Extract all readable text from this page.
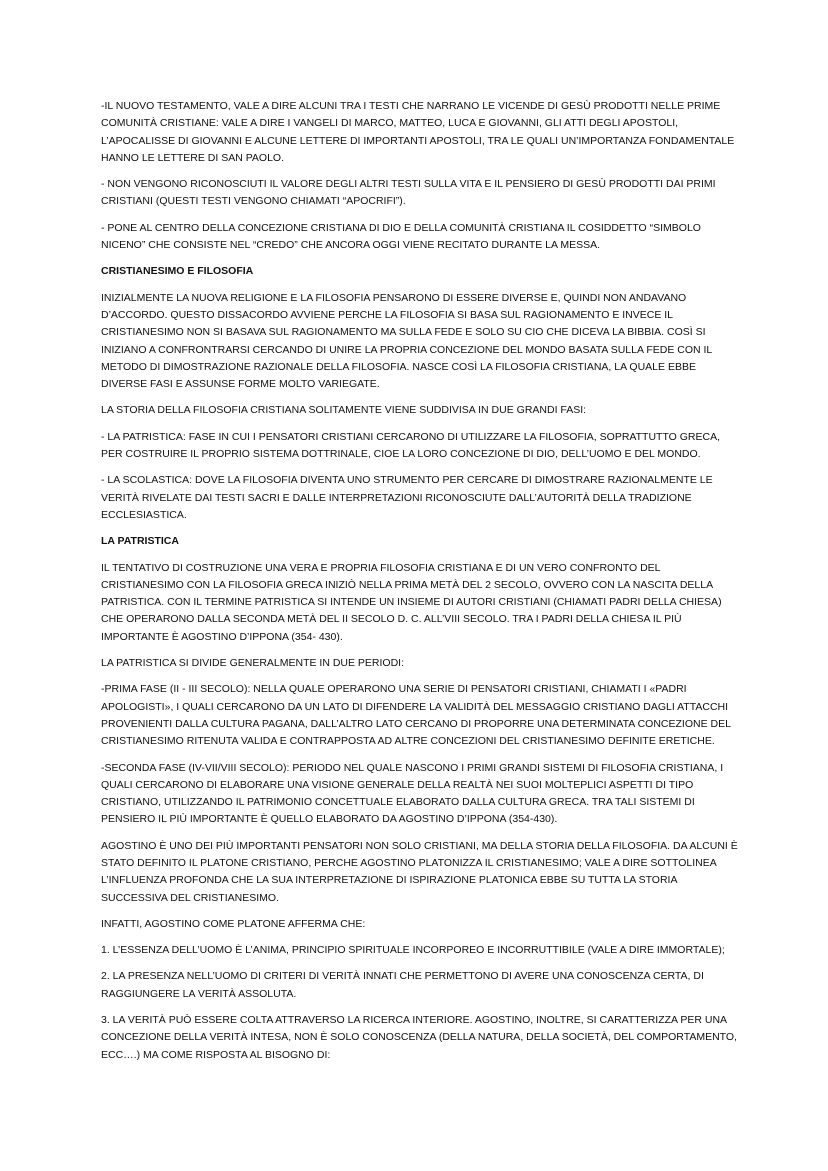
-IL NUOVO TESTAMENTO, VALE A DIRE ALCUNI TRA I TESTI CHE NARRANO LE VICENDE DI GESÙ PRODOTTI NELLE PRIME COMUNITÀ CRISTIANE: VALE A DIRE I VANGELI DI MARCO, MATTEO, LUCA E GIOVANNI, GLI ATTI DEGLI APOSTOLI, L’APOCALISSE DI GIOVANNI E ALCUNE LETTERE DI IMPORTANTI APOSTOLI, TRA LE QUALI UN’IMPORTANZA FONDAMENTALE HANNO LE LETTERE DI SAN PAOLO.

- NON VENGONO RICONOSCIUTI IL VALORE DEGLI ALTRI TESTI SULLA VITA E IL PENSIERO DI GESÙ PRODOTTI DAI PRIMI CRISTIANI (QUESTI TESTI VENGONO CHIAMATI “APOCRIFI”).

- PONE AL CENTRO DELLA CONCEZIONE CRISTIANA DI DIO E DELLA COMUNITÀ CRISTIANA IL COSIDDETTO “SIMBOLO NICENO” CHE CONSISTE NEL “CREDO” CHE ANCORA OGGI VIENE RECITATO DURANTE LA MESSA.

CRISTIANESIMO E FILOSOFIA

INIZIALMENTE LA NUOVA RELIGIONE E LA FILOSOFIA PENSARONO DI ESSERE DIVERSE E, QUINDI NON ANDAVANO D’ACCORDO. QUESTO DISSACORDO AVVIENE PERCHE LA FILOSOFIA SI BASA SUL RAGIONAMENTO E INVECE IL CRISTIANESIMO NON SI BASAVA SUL RAGIONAMENTO MA SULLA FEDE E SOLO SU CIO CHE DICEVA LA BIBBIA. COSÌ SI INIZIANO A CONFRONTRARSI CERCANDO DI UNIRE LA PROPRIA CONCEZIONE DEL MONDO BASATA SULLA FEDE CON IL METODO DI DIMOSTRAZIONE RAZIONALE DELLA FILOSOFIA. NASCE COSÌ LA FILOSOFIA CRISTIANA, LA QUALE EBBE DIVERSE FASI E ASSUNSE FORME MOLTO VARIEGATE.

LA STORIA DELLA FILOSOFIA CRISTIANA SOLITAMENTE VIENE SUDDIVISA IN DUE GRANDI FASI:

- LA PATRISTICA: FASE IN CUI I PENSATORI CRISTIANI CERCARONO DI UTILIZZARE LA FILOSOFIA, SOPRATTUTTO GRECA, PER COSTRUIRE IL PROPRIO SISTEMA DOTTRINALE, CIOE LA LORO CONCEZIONE DI DIO, DELL’UOMO E DEL MONDO.

- LA SCOLASTICA: DOVE LA FILOSOFIA DIVENTA UNO STRUMENTO PER CERCARE DI DIMOSTRARE RAZIONALMENTE LE VERITÀ RIVELATE DAI TESTI SACRI E DALLE INTERPRETAZIONI RICONOSCIUTE DALL’AUTORITÀ DELLA TRADIZIONE ECCLESIASTICA.

LA PATRISTICA

IL TENTATIVO DI COSTRUZIONE UNA VERA E PROPRIA FILOSOFIA CRISTIANA E DI UN VERO CONFRONTO DEL CRISTIANESIMO CON LA FILOSOFIA GRECA INIZIÒ NELLA PRIMA METÀ DEL 2 SECOLO, OVVERO CON LA NASCITA DELLA PATRISTICA. CON IL TERMINE PATRISTICA SI INTENDE UN INSIEME DI AUTORI CRISTIANI (CHIAMATI PADRI DELLA CHIESA) CHE OPERARONO DALLA SECONDA METÀ DEL II SECOLO D. C. ALL’VIII SECOLO. TRA I PADRI DELLA CHIESA IL PIÙ IMPORTANTE È AGOSTINO D’IPPONA (354- 430).

LA PATRISTICA SI DIVIDE GENERALMENTE IN DUE PERIODI:

-PRIMA FASE (II - III SECOLO): NELLA QUALE OPERARONO UNA SERIE DI PENSATORI CRISTIANI, CHIAMATI I «PADRI APOLOGISTI», I QUALI CERCARONO DA UN LATO DI DIFENDERE LA VALIDITÀ DEL MESSAGGIO CRISTIANO DAGLI ATTACCHI PROVENIENTI DALLA CULTURA PAGANA, DALL’ALTRO LATO CERCANO DI PROPORRE UNA DETERMINATA CONCEZIONE DEL CRISTIANESIMO RITENUTA VALIDA E CONTRAPPOSTA AD ALTRE CONCEZIONI DEL CRISTIANESIMO DEFINITE ERETICHE.

-SECONDA FASE (IV-VII/VIII SECOLO): PERIODO NEL QUALE NASCONO I PRIMI GRANDI SISTEMI DI FILOSOFIA CRISTIANA, I QUALI CERCARONO DI ELABORARE UNA VISIONE GENERALE DELLA REALTÀ NEI SUOI MOLTEPLICI ASPETTI DI TIPO CRISTIANO, UTILIZZANDO IL PATRIMONIO CONCETTUALE ELABORATO DALLA CULTURA GRECA. TRA TALI SISTEMI DI PENSIERO IL PIÙ IMPORTANTE È QUELLO ELABORATO DA AGOSTINO D’IPPONA (354-430).

AGOSTINO È UNO DEI PIÙ IMPORTANTI PENSATORI NON SOLO CRISTIANI, MA DELLA STORIA DELLA FILOSOFIA. DA ALCUNI È STATO DEFINITO IL PLATONE CRISTIANO, PERCHE AGOSTINO PLATONIZZA IL CRISTIANESIMO; VALE A DIRE SOTTOLINEA L’INFLUENZA PROFONDA CHE LA SUA INTERPRETAZIONE DI ISPIRAZIONE PLATONICA EBBE SU TUTTA LA STORIA SUCCESSIVA DEL CRISTIANESIMO.

INFATTI, AGOSTINO COME PLATONE AFFERMA CHE:

1. L’ESSENZA DELL’UOMO È L’ANIMA, PRINCIPIO SPIRITUALE INCORPOREO E INCORRUTTIBILE (VALE A DIRE IMMORTALE);

2. LA PRESENZA NELL’UOMO DI CRITERI DI VERITÀ INNATI CHE PERMETTONO DI AVERE UNA CONOSCENZA CERTA, DI RAGGIUNGERE LA VERITÀ ASSOLUTA.

3. LA VERITÀ PUÒ ESSERE COLTA ATTRAVERSO LA RICERCA INTERIORE. AGOSTINO, INOLTRE, SI CARATTERIZZA PER UNA CONCEZIONE DELLA VERITÀ INTESA, NON È SOLO CONOSCENZA (DELLA NATURA, DELLA SOCIETÀ, DEL COMPORTAMENTO, ECC….) MA COME RISPOSTA AL BISOGNO DI:
